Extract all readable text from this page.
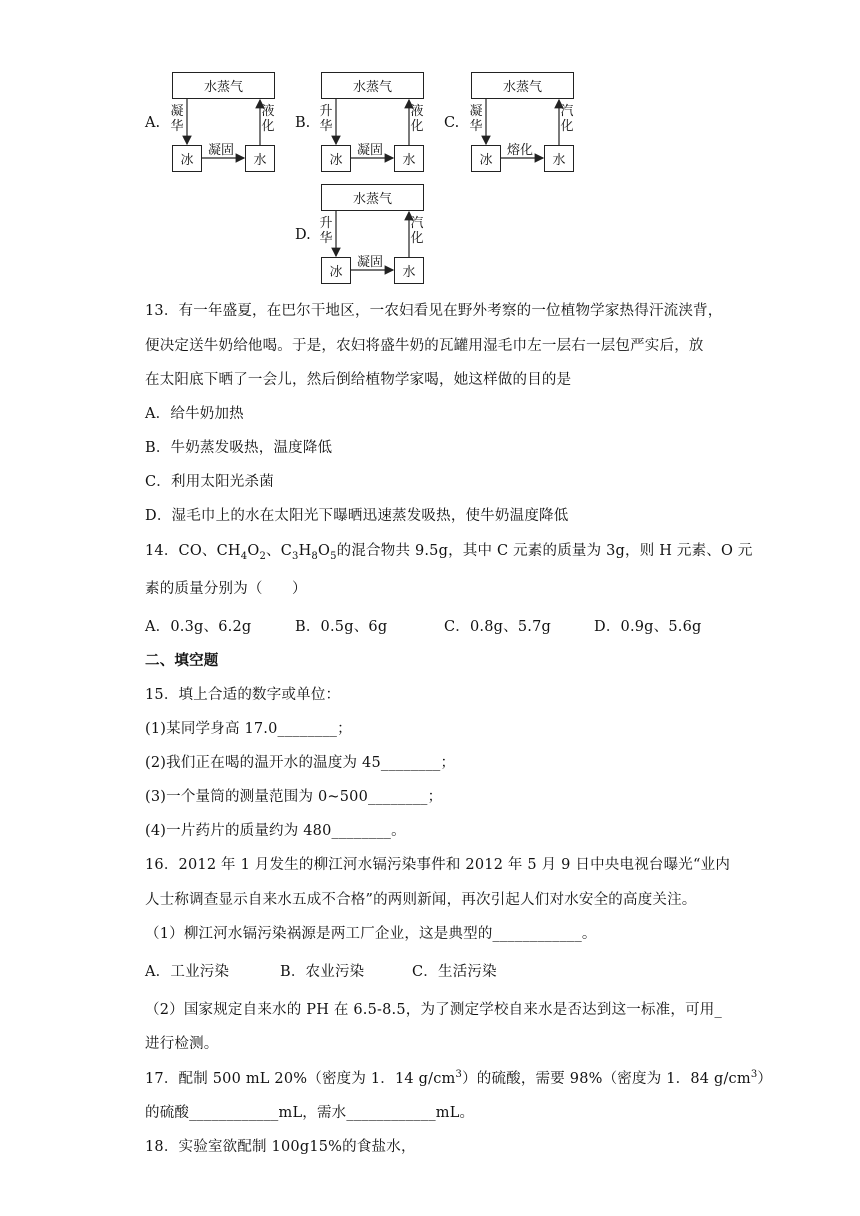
A.
水蒸气
冰	水
凝
华
液
化
凝固
B.
水蒸气
冰	水
升
华
液
化
凝固
C.
水蒸气
冰	水
凝
华
汽
化
熔化
D.
水蒸气
冰	水
升
华
汽
化
凝固
13．有一年盛夏，在巴尔干地区，一农妇看见在野外考察的一位植物学家热得汗流浃背，
便决定送牛奶给他喝。于是，农妇将盛牛奶的瓦罐用湿毛巾左一层右一层包严实后，放
在太阳底下晒了一会儿，然后倒给植物学家喝，她这样做的目的是
A．给牛奶加热
B．牛奶蒸发吸热，温度降低
C．利用太阳光杀菌
D．湿毛巾上的水在太阳光下曝晒迅速蒸发吸热，使牛奶温度降低
14．CO、$CH_4O_2$、$C_3H_8O_5$的混合物共 9.5g，其中 C 元素的质量为 3g，则 H 元素、O 元
素的质量分别为（　　）
A．0.3g、6.2g	B．0.5g、6g	C．0.8g、5.7g	D．0.9g、5.6g
二、填空题
15．填上合适的数字或单位：
(1)某同学身高 17.0________；
(2)我们正在喝的温开水的温度为 45________；
(3)一个量筒的测量范围为 0~500________；
(4)一片药片的质量约为 480________。
16．2012 年 1 月发生的柳江河水镉污染事件和 2012 年 5 月 9 日中央电视台曝光“业内
人士称调查显示自来水五成不合格”的两则新闻，再次引起人们对水安全的高度关注。
（1）柳江河水镉污染祸源是两工厂企业，这是典型的____________。
A．工业污染	B．农业污染	C．生活污染
（2）国家规定自来水的 PH 在 6.5-8.5，为了测定学校自来水是否达到这一标准，可用_
进行检测。
17．配制 500 mL 20%（密度为 1．14 $g/cm^3$）的硫酸，需要 98%（密度为 1．84 $g/cm^3$）
的硫酸____________mL，需水____________mL。
18．实验室欲配制 100g15%的食盐水，
